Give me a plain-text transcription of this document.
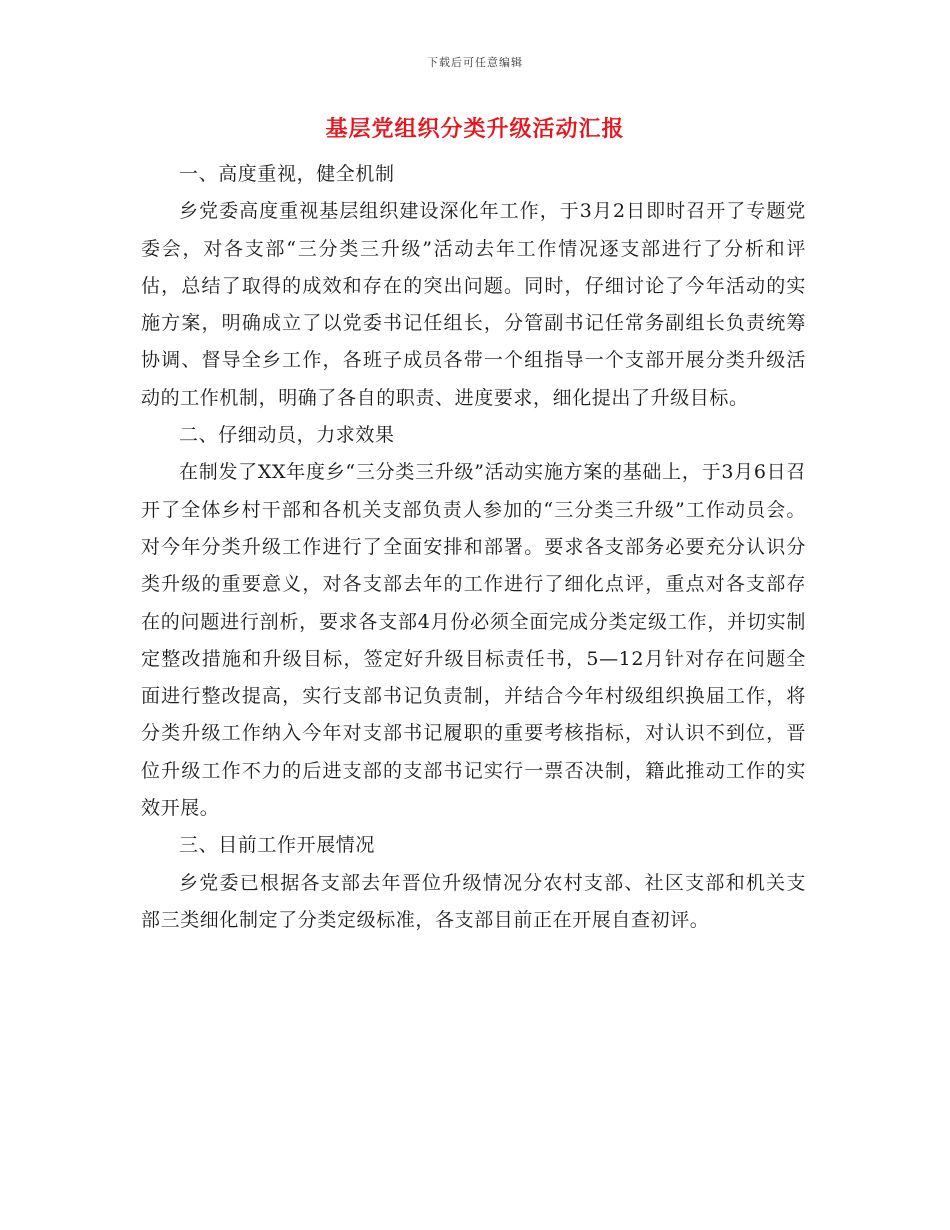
下载后可任意编辑
基层党组织分类升级活动汇报

一、高度重视，健全机制

乡党委高度重视基层组织建设深化年工作，于3月2日即时召开了专题党委会，对各支部“三分类三升级”活动去年工作情况逐支部进行了分析和评估，总结了取得的成效和存在的突出问题。同时，仔细讨论了今年活动的实施方案，明确成立了以党委书记任组长，分管副书记任常务副组长负责统筹协调、督导全乡工作，各班子成员各带一个组指导一个支部开展分类升级活动的工作机制，明确了各自的职责、进度要求，细化提出了升级目标。

二、仔细动员，力求效果

在制发了XX年度乡“三分类三升级”活动实施方案的基础上，于3月6日召开了全体乡村干部和各机关支部负责人参加的“三分类三升级”工作动员会。对今年分类升级工作进行了全面安排和部署。要求各支部务必要充分认识分类升级的重要意义，对各支部去年的工作进行了细化点评，重点对各支部存在的问题进行剖析，要求各支部4月份必须全面完成分类定级工作，并切实制定整改措施和升级目标，签定好升级目标责任书，5—12月针对存在问题全面进行整改提高，实行支部书记负责制，并结合今年村级组织换届工作，将分类升级工作纳入今年对支部书记履职的重要考核指标，对认识不到位，晋位升级工作不力的后进支部的支部书记实行一票否决制，籍此推动工作的实效开展。

三、目前工作开展情况

乡党委已根据各支部去年晋位升级情况分农村支部、社区支部和机关支部三类细化制定了分类定级标准，各支部目前正在开展自查初评。
